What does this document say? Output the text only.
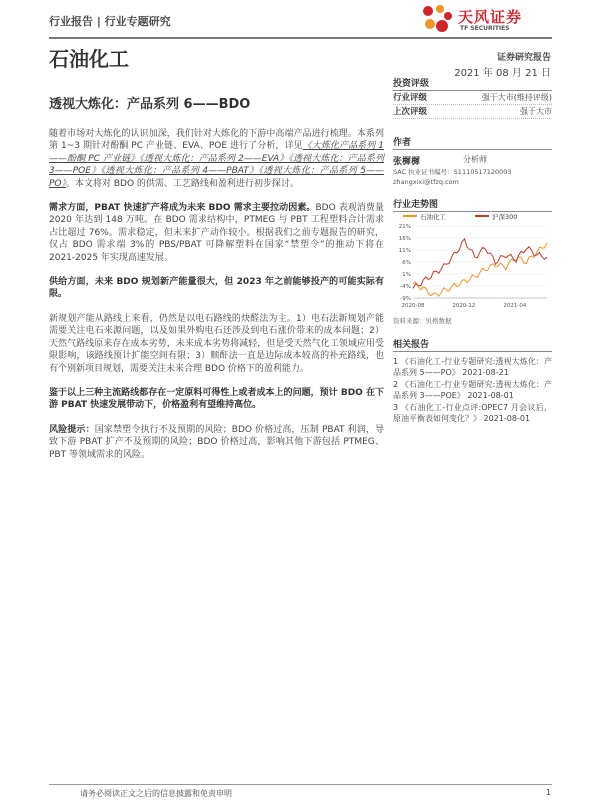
行业报告 | 行业专题研究	天风证券
TF SECURITIES
石油化工	证券研究报告
2021 年 08 月 21 日
透视大炼化：产品系列 6——BDO

随着市场对大炼化的认识加深，我们针对大炼化的下游中高端产品进行梳理。本系列第 1~3 期针对酚酮 PC 产业链、EVA、POE 进行了分析，详见《大炼化产品系列 1——酚酮 PC 产业链》《透视大炼化：产品系列 2——EVA》《透视大炼化：产品系列 3——POE》《透视大炼化：产品系列 4——PBAT》《透视大炼化：产品系列 5——PO》。本文将对 BDO 的供需、工艺路线和盈利进行初步探讨。

需求方面，PBAT 快速扩产将成为未来 BDO 需求主要拉动因素。BDO 表观消费量 2020 年达到 148 万吨。在 BDO 需求结构中，PTMEG 与 PBT 工程塑料合计需求占比超过 76%。需求稳定，但未来扩产动作较小。根据我们之前专题报告的研究，仅占 BDO 需求端 3%的 PBS/PBAT 可降解塑料在国家“禁塑令”的推动下将在 2021-2025 年实现高速发展。

供给方面，未来 BDO 规划新产能量很大，但 2023 年之前能够投产的可能实际有限。

新规划产能从路线上来看，仍然是以电石路线的炔醛法为主。1）电石法新规划产能需要关注电石来源问题，以及如果外购电石还涉及到电石涨价带来的成本问题；2）天然气路线原来存在成本劣势，未来成本劣势将减轻，但是受天然气化工领域应用受限影响，该路线预计扩能空间有限；3）顺酐法一直是边际成本较高的补充路线，也有个别新项目规划，需要关注未来合理 BDO 价格下的盈利能力。

鉴于以上三种主流路线都存在一定原料可得性上或者成本上的问题，预计 BDO 在下游 PBAT 快速发展带动下，价格盈利有望维持高位。

风险提示：国家禁塑令执行不及预期的风险；BDO 价格过高，压制 PBAT 利润，导致下游 PBAT 扩产不及预期的风险；BDO 价格过高，影响其他下游包括 PTMEG、PBT 等领域需求的风险。

投资评级
行业评级	强于大市(维持评级)
上次评级	强于大市
作者
张樨樨	分析师
SAC 执业证书编号：S1110517120003
zhangxixi@tfzq.com
行业走势图
石油化工	沪深300
21%
16%
11%
6%
1%
-4%
-9%
2020-08	2020-12	2021-04
资料来源：贝格数据
相关报告
1 《石油化工-行业专题研究:透视大炼化：产品系列 5——PO》 2021-08-21
2 《石油化工-行业专题研究:透视大炼化：产品系列 3——POE》 2021-08-01
3 《石油化工-行业点评:OPEC7 月会议后，原油平衡表如何变化？》 2021-08-01
请务必阅读正文之后的信息披露和免责申明	1
